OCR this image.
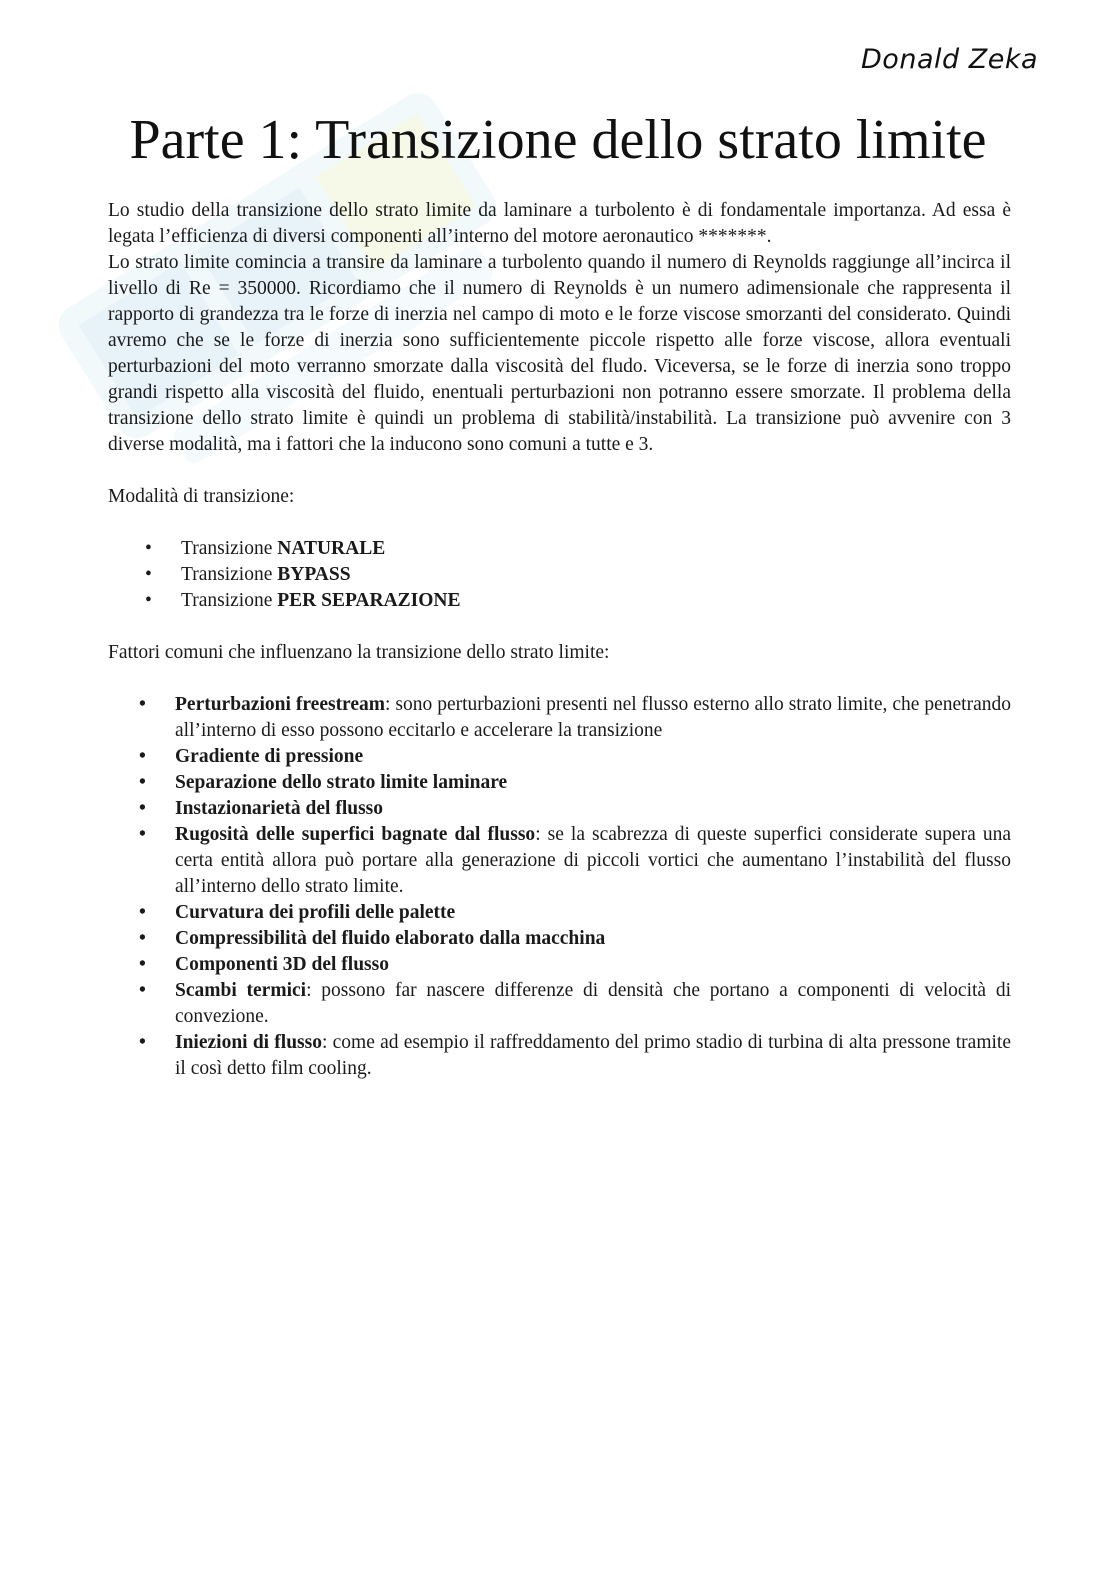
Donald Zeka
Parte 1: Transizione dello strato limite

Lo studio della transizione dello strato limite da laminare a turbolento è di fondamentale importanza. Ad essa è legata l’efficienza di diversi componenti all’interno del motore aeronautico *******.

Lo strato limite comincia a transire da laminare a turbolento quando il numero di Reynolds raggiunge all’incirca il livello di Re = 350000. Ricordiamo che il numero di Reynolds è un numero adimensionale che rappresenta il rapporto di grandezza tra le forze di inerzia nel campo di moto e le forze viscose smorzanti del considerato. Quindi avremo che se le forze di inerzia sono sufficientemente piccole rispetto alle forze viscose, allora eventuali perturbazioni del moto verranno smorzate dalla viscosità del fludo. Viceversa, se le forze di inerzia sono troppo grandi rispetto alla viscosità del fluido, enentuali perturbazioni non potranno essere smorzate. Il problema della transizione dello strato limite è quindi un problema di stabilità/instabilità. La transizione può avvenire con 3 diverse modalità, ma i fattori che la inducono sono comuni a tutte e 3.

Modalità di transizione:

• Transizione NATURALE
• Transizione BYPASS
• Transizione PER SEPARAZIONE

Fattori comuni che influenzano la transizione dello strato limite:

• Perturbazioni freestream: sono perturbazioni presenti nel flusso esterno allo strato limite, che penetrando all’interno di esso possono eccitarlo e accelerare la transizione
• Gradiente di pressione
• Separazione dello strato limite laminare
• Instazionarietà del flusso
• Rugosità delle superfici bagnate dal flusso: se la scabrezza di queste superfici considerate supera una certa entità allora può portare alla generazione di piccoli vortici che aumentano l’instabilità del flusso all’interno dello strato limite.
• Curvatura dei profili delle palette
• Compressibilità del fluido elaborato dalla macchina
• Componenti 3D del flusso
• Scambi termici: possono far nascere differenze di densità che portano a componenti di velocità di convezione.
• Iniezioni di flusso: come ad esempio il raffreddamento del primo stadio di turbina di alta pressone tramite il così detto film cooling.
